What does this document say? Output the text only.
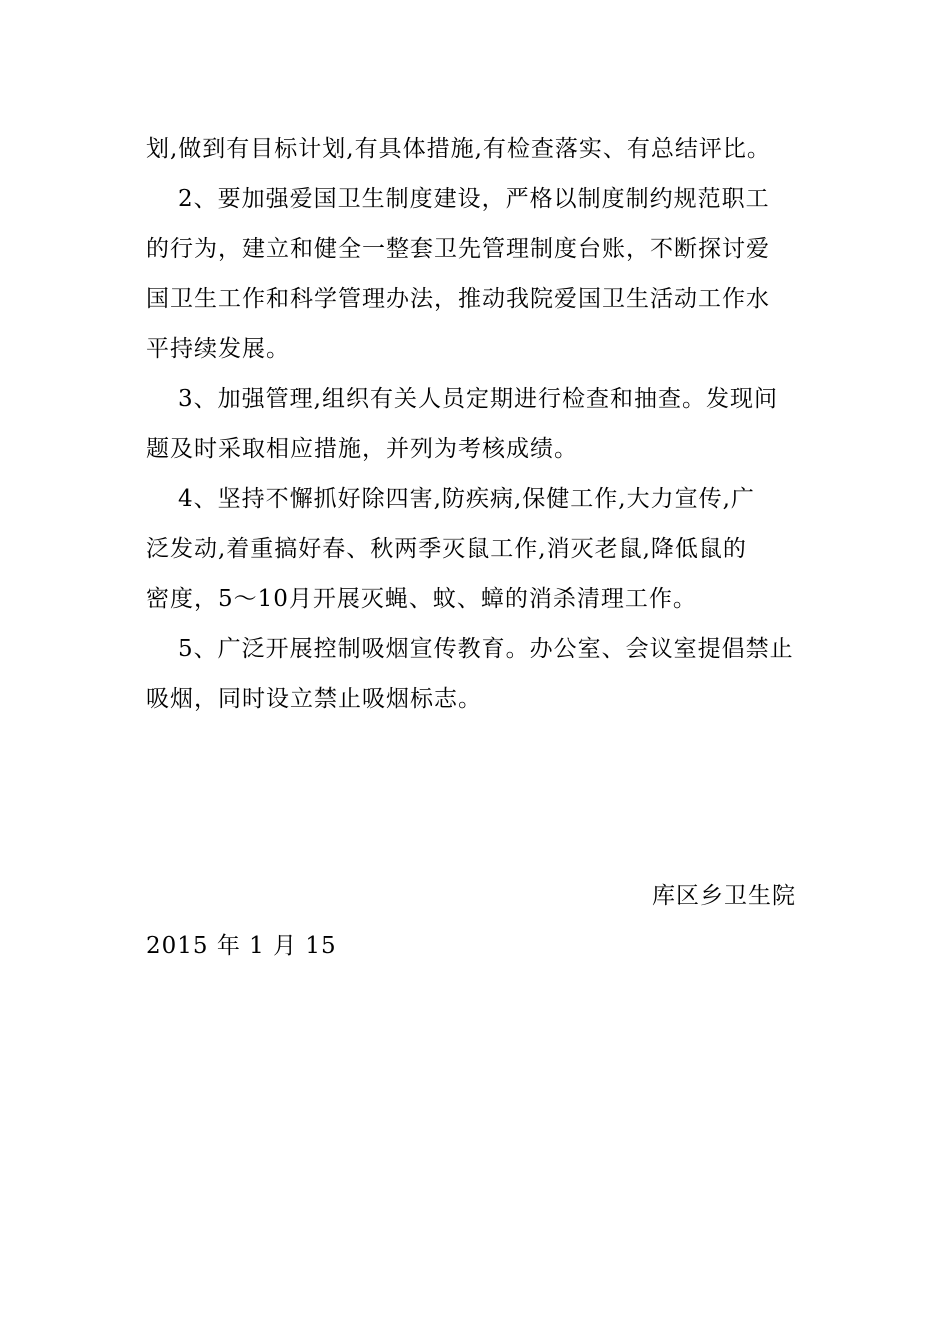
划,做到有目标计划,有具体措施,有检查落实、有总结评比。
2、要加强爱国卫生制度建设，严格以制度制约规范职工
的行为，建立和健全一整套卫先管理制度台账，不断探讨爱
国卫生工作和科学管理办法，推动我院爱国卫生活动工作水
平持续发展。
3、加强管理,组织有关人员定期进行检查和抽查。发现问
题及时采取相应措施，并列为考核成绩。
4、坚持不懈抓好除四害,防疾病,保健工作,大力宣传,广
泛发动,着重搞好春、秋两季灭鼠工作,消灭老鼠,降低鼠的
密度，5～10月开展灭蝇、蚊、蟑的消杀清理工作。
5、广泛开展控制吸烟宣传教育。办公室、会议室提倡禁止
吸烟，同时设立禁止吸烟标志。
库区乡卫生院
2015 年 1 月 15
